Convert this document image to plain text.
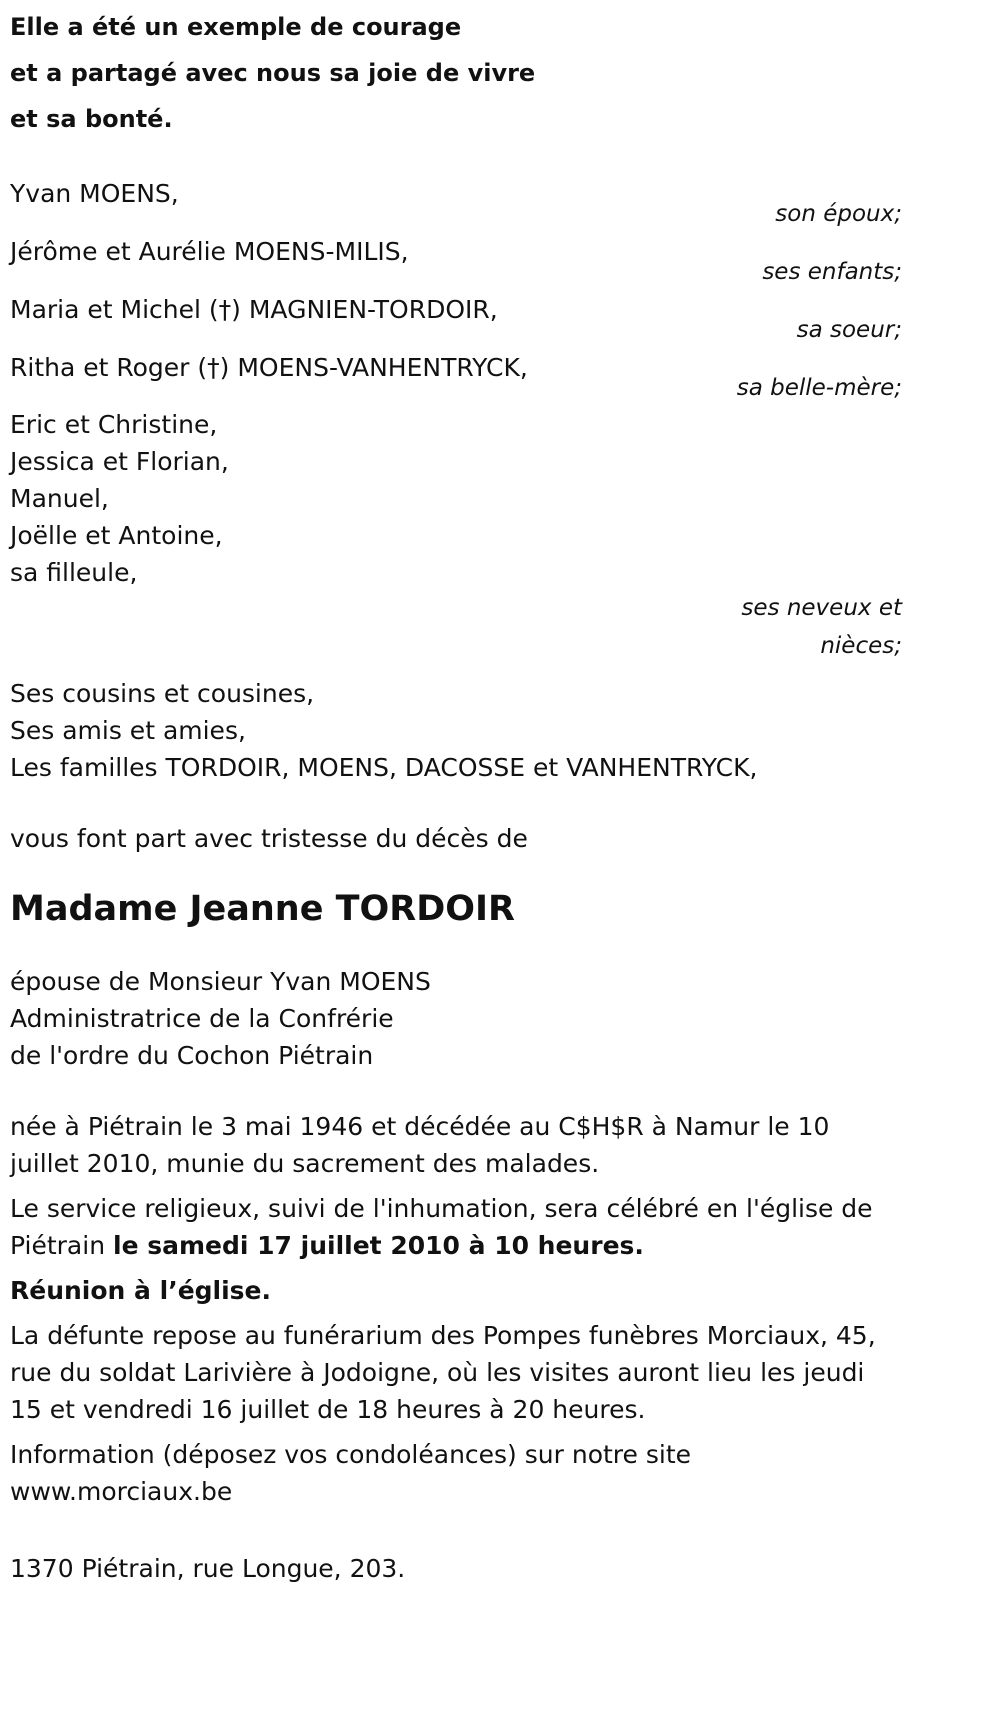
Elle a été un exemple de courage
et a partagé avec nous sa joie de vivre
et sa bonté.
Yvan MOENS,
son époux;
Jérôme et Aurélie MOENS-MILIS,
ses enfants;
Maria et Michel (†) MAGNIEN-TORDOIR,
sa soeur;
Ritha et Roger (†) MOENS-VANHENTRYCK,
sa belle-mère;
Eric et Christine,
Jessica et Florian,
Manuel,
Joëlle et Antoine,
sa filleule,
ses neveux et
nièces;
Ses cousins et cousines,
Ses amis et amies,
Les familles TORDOIR, MOENS, DACOSSE et VANHENTRYCK,
vous font part avec tristesse du décès de
Madame Jeanne TORDOIR
épouse de Monsieur Yvan MOENS
Administratrice de la Confrérie
de l'ordre du Cochon Piétrain

née à Piétrain le 3 mai 1946 et décédée au C$H$R à Namur le 10 juillet 2010, munie du sacrement des malades.

Le service religieux, suivi de l'inhumation, sera célébré en l'église de Piétrain le samedi 17 juillet 2010 à 10 heures.

Réunion à l’église.

La défunte repose au funérarium des Pompes funèbres Morciaux, 45, rue du soldat Larivière à Jodoigne, où les visites auront lieu les jeudi 15 et vendredi 16 juillet de 18 heures à 20 heures.

Information (déposez vos condoléances) sur notre site
www.morciaux.be

1370 Piétrain, rue Longue, 203.
